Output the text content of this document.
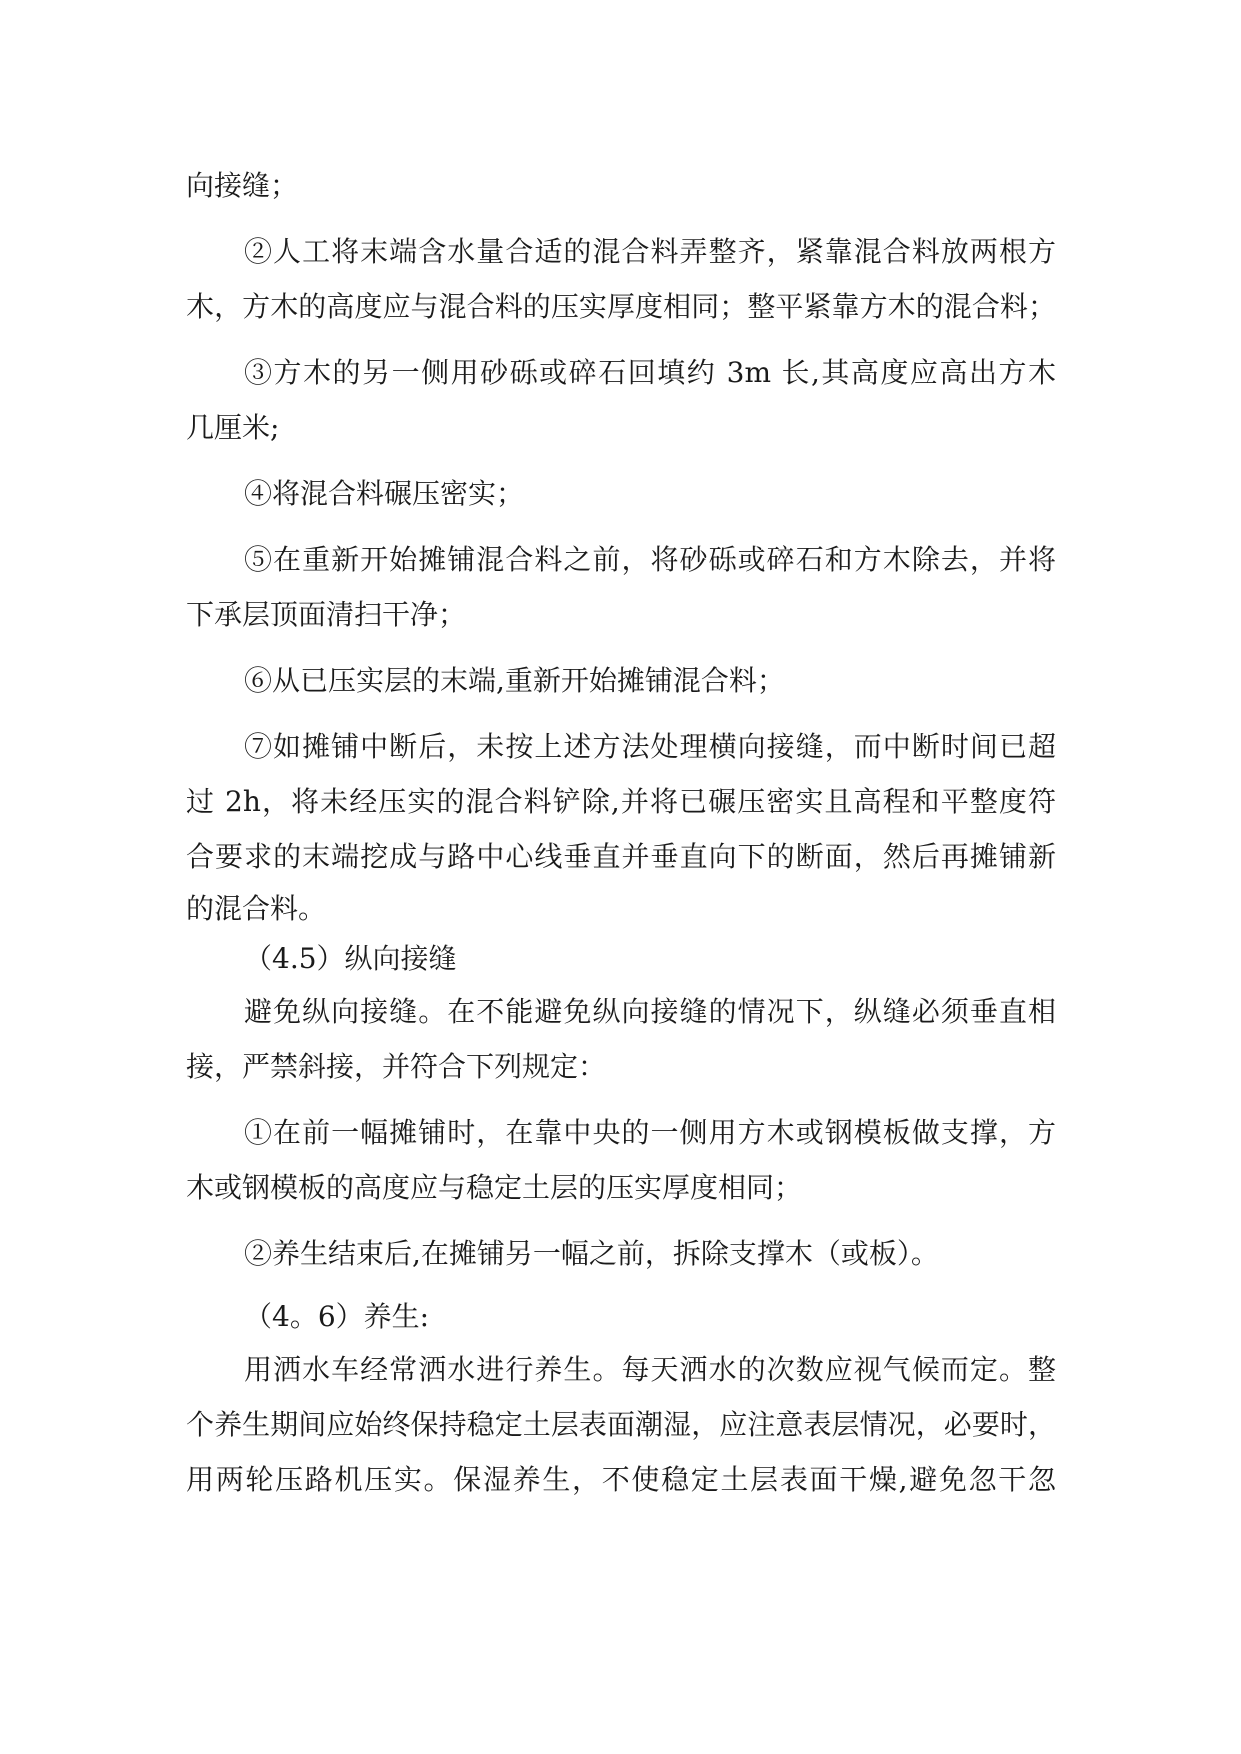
向接缝；
②人工将末端含水量合适的混合料弄整齐，紧靠混合料放两根方
木，方木的高度应与混合料的压实厚度相同；整平紧靠方木的混合料；
③方木的另一侧用砂砾或碎石回填约 3m 长,其高度应高出方木
几厘米;
④将混合料碾压密实；
⑤在重新开始摊铺混合料之前，将砂砾或碎石和方木除去，并将
下承层顶面清扫干净；
⑥从已压实层的末端,重新开始摊铺混合料；
⑦如摊铺中断后，未按上述方法处理横向接缝，而中断时间已超
过 2h，将未经压实的混合料铲除,并将已碾压密实且高程和平整度符
合要求的末端挖成与路中心线垂直并垂直向下的断面，然后再摊铺新
的混合料。
（4.5）纵向接缝
避免纵向接缝。在不能避免纵向接缝的情况下，纵缝必须垂直相
接，严禁斜接，并符合下列规定：
①在前一幅摊铺时，在靠中央的一侧用方木或钢模板做支撑，方
木或钢模板的高度应与稳定土层的压实厚度相同；
②养生结束后,在摊铺另一幅之前，拆除支撑木（或板）。
（4。6）养生:
用洒水车经常洒水进行养生。每天洒水的次数应视气候而定。整
个养生期间应始终保持稳定土层表面潮湿，应注意表层情况，必要时，
用两轮压路机压实。保湿养生，不使稳定土层表面干燥,避免忽干忽
